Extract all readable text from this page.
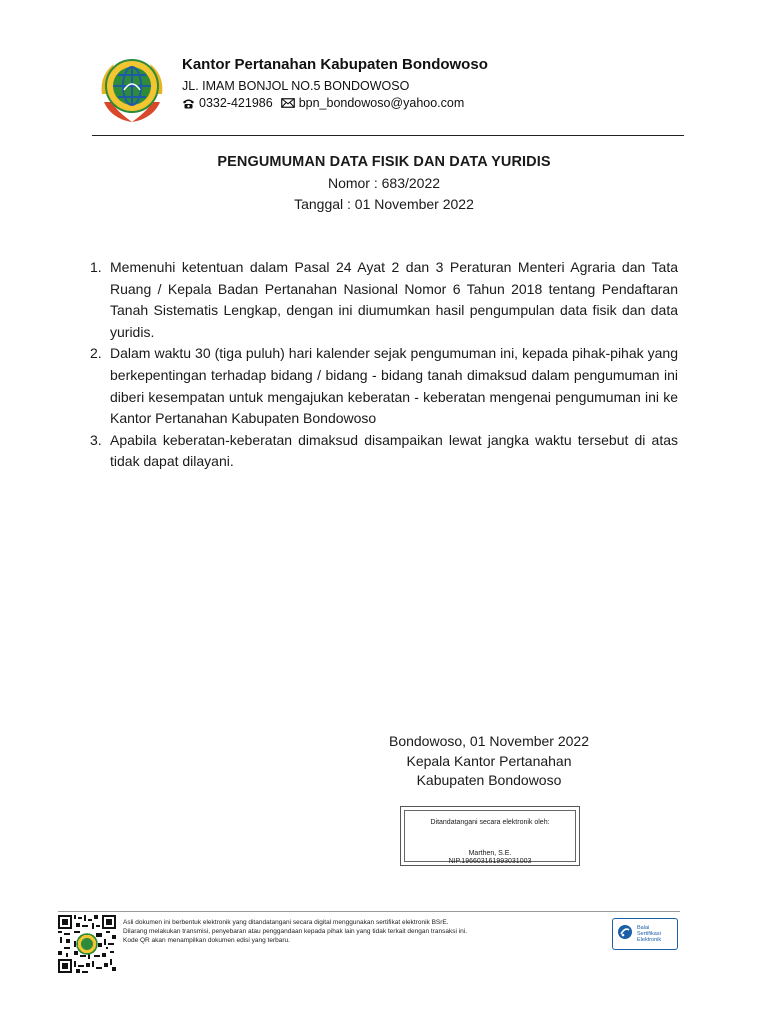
Kantor Pertanahan Kabupaten Bondowoso
JL. IMAM BONJOL NO.5 BONDOWOSO
0332-421986 bpn_bondowoso@yahoo.com
PENGUMUMAN DATA FISIK DAN DATA YURIDIS
Nomor : 683/2022
Tanggal : 01 November 2022
1. Memenuhi ketentuan dalam Pasal 24 Ayat 2 dan 3 Peraturan Menteri Agraria dan Tata Ruang / Kepala Badan Pertanahan Nasional Nomor 6 Tahun 2018 tentang Pendaftaran Tanah Sistematis Lengkap, dengan ini diumumkan hasil pengumpulan data fisik dan data yuridis.
2. Dalam waktu 30 (tiga puluh) hari kalender sejak pengumuman ini, kepada pihak-pihak yang berkepentingan terhadap bidang / bidang - bidang tanah dimaksud dalam pengumuman ini diberi kesempatan untuk mengajukan keberatan - keberatan mengenai pengumuman ini ke Kantor Pertanahan Kabupaten Bondowoso
3. Apabila keberatan-keberatan dimaksud disampaikan lewat jangka waktu tersebut di atas tidak dapat dilayani.
Bondowoso, 01 November 2022
Kepala Kantor Pertanahan
Kabupaten Bondowoso
Ditandatangani secara elektronik oleh:
Marthen, S.E.
NIP.196603161993031003
Asli dokumen ini berbentuk elektronik yang ditandatangani secara digital menggunakan sertifikat elektronik BSrE.
Dilarang melakukan transmisi, penyebaran atau penggandaan kepada pihak lain yang tidak terkait dengan transaksi ini.
Kode QR akan menampilkan dokumen edisi yang terbaru.
Balai
Sertifikasi
Elektronik
